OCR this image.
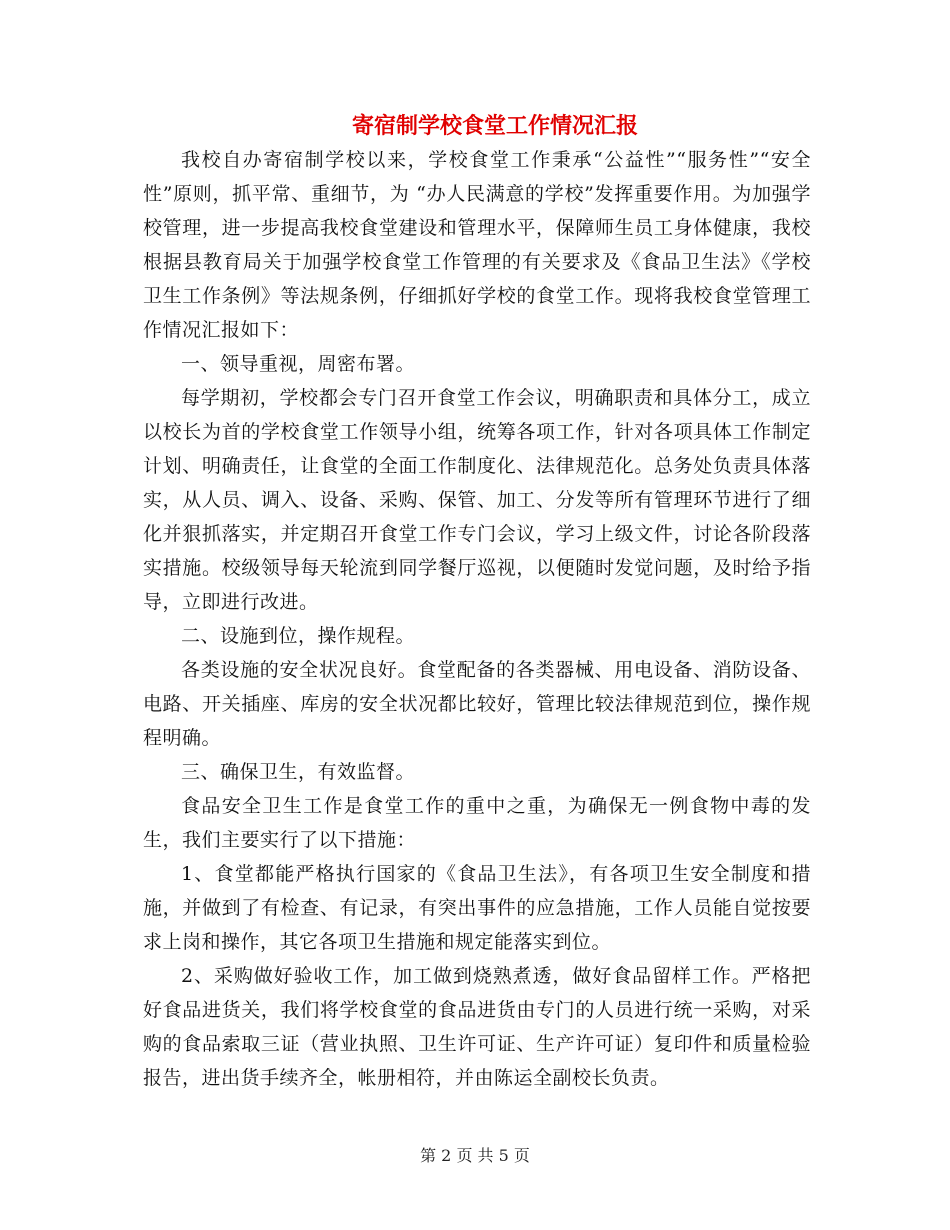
寄宿制学校食堂工作情况汇报

我校自办寄宿制学校以来，学校食堂工作秉承“公益性”“服务性”“安全性”原则，抓平常、重细节，为 “办人民满意的学校”发挥重要作用。为加强学校管理，进一步提高我校食堂建设和管理水平，保障师生员工身体健康，我校根据县教育局关于加强学校食堂工作管理的有关要求及《食品卫生法》《学校卫生工作条例》等法规条例，仔细抓好学校的食堂工作。现将我校食堂管理工作情况汇报如下：

一、领导重视，周密布署。

每学期初，学校都会专门召开食堂工作会议，明确职责和具体分工，成立以校长为首的学校食堂工作领导小组，统筹各项工作，针对各项具体工作制定计划、明确责任，让食堂的全面工作制度化、法律规范化。总务处负责具体落实，从人员、调入、设备、采购、保管、加工、分发等所有管理环节进行了细化并狠抓落实，并定期召开食堂工作专门会议，学习上级文件，讨论各阶段落实措施。校级领导每天轮流到同学餐厅巡视，以便随时发觉问题，及时给予指导，立即进行改进。

二、设施到位，操作规程。

各类设施的安全状况良好。食堂配备的各类器械、用电设备、消防设备、电路、开关插座、库房的安全状况都比较好，管理比较法律规范到位，操作规程明确。

三、确保卫生，有效监督。

食品安全卫生工作是食堂工作的重中之重，为确保无一例食物中毒的发生，我们主要实行了以下措施：

1、食堂都能严格执行国家的《食品卫生法》，有各项卫生安全制度和措施，并做到了有检查、有记录，有突出事件的应急措施，工作人员能自觉按要求上岗和操作，其它各项卫生措施和规定能落实到位。

2、采购做好验收工作，加工做到烧熟煮透，做好食品留样工作。严格把好食品进货关，我们将学校食堂的食品进货由专门的人员进行统一采购，对采购的食品索取三证（营业执照、卫生许可证、生产许可证）复印件和质量检验报告，进出货手续齐全，帐册相符，并由陈运全副校长负责。

第 2 页 共 5 页
